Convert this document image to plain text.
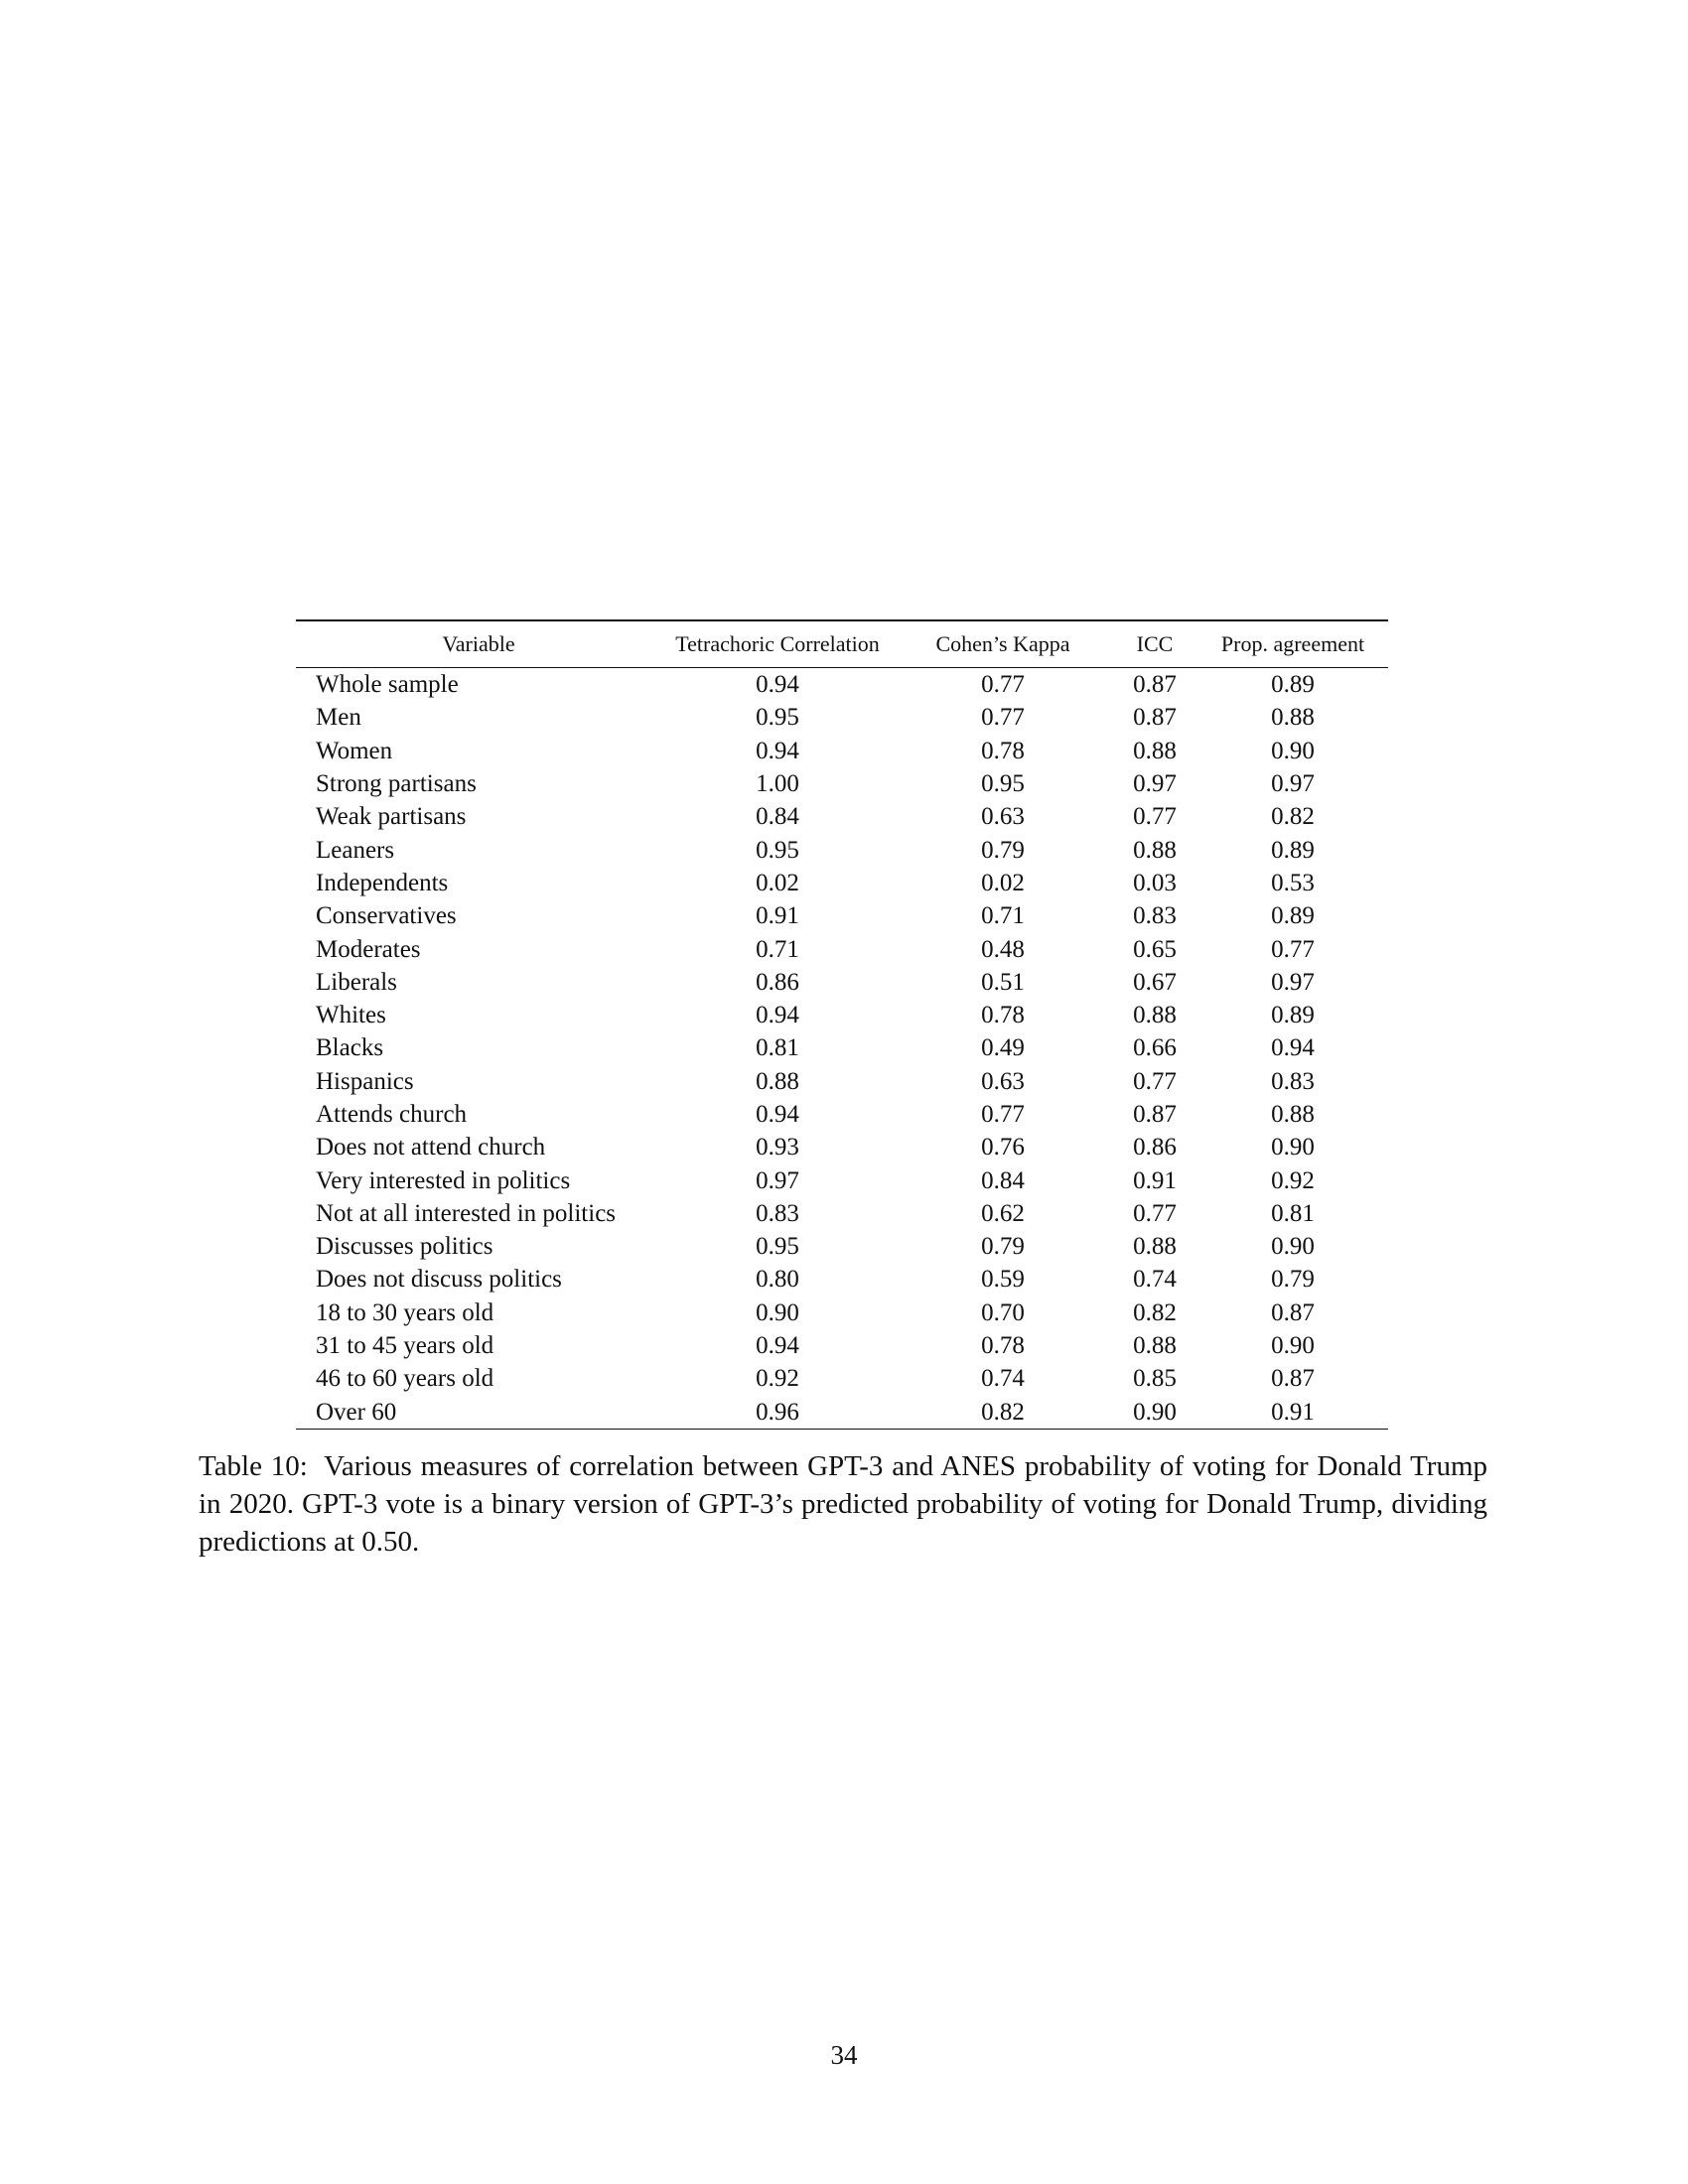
Variable	Tetrachoric Correlation	Cohen’s Kappa	ICC	Prop. agreement
Whole sample	0.94	0.77	0.87	0.89
Men	0.95	0.77	0.87	0.88
Women	0.94	0.78	0.88	0.90
Strong partisans	1.00	0.95	0.97	0.97
Weak partisans	0.84	0.63	0.77	0.82
Leaners	0.95	0.79	0.88	0.89
Independents	0.02	0.02	0.03	0.53
Conservatives	0.91	0.71	0.83	0.89
Moderates	0.71	0.48	0.65	0.77
Liberals	0.86	0.51	0.67	0.97
Whites	0.94	0.78	0.88	0.89
Blacks	0.81	0.49	0.66	0.94
Hispanics	0.88	0.63	0.77	0.83
Attends church	0.94	0.77	0.87	0.88
Does not attend church	0.93	0.76	0.86	0.90
Very interested in politics	0.97	0.84	0.91	0.92
Not at all interested in politics	0.83	0.62	0.77	0.81
Discusses politics	0.95	0.79	0.88	0.90
Does not discuss politics	0.80	0.59	0.74	0.79
18 to 30 years old	0.90	0.70	0.82	0.87
31 to 45 years old	0.94	0.78	0.88	0.90
46 to 60 years old	0.92	0.74	0.85	0.87
Over 60	0.96	0.82	0.90	0.91
Table 10: Various measures of correlation between GPT-3 and ANES probability of voting for Donald Trump in 2020. GPT-3 vote is a binary version of GPT-3’s predicted probability of voting for Donald Trump, dividing predictions at 0.50.
34
